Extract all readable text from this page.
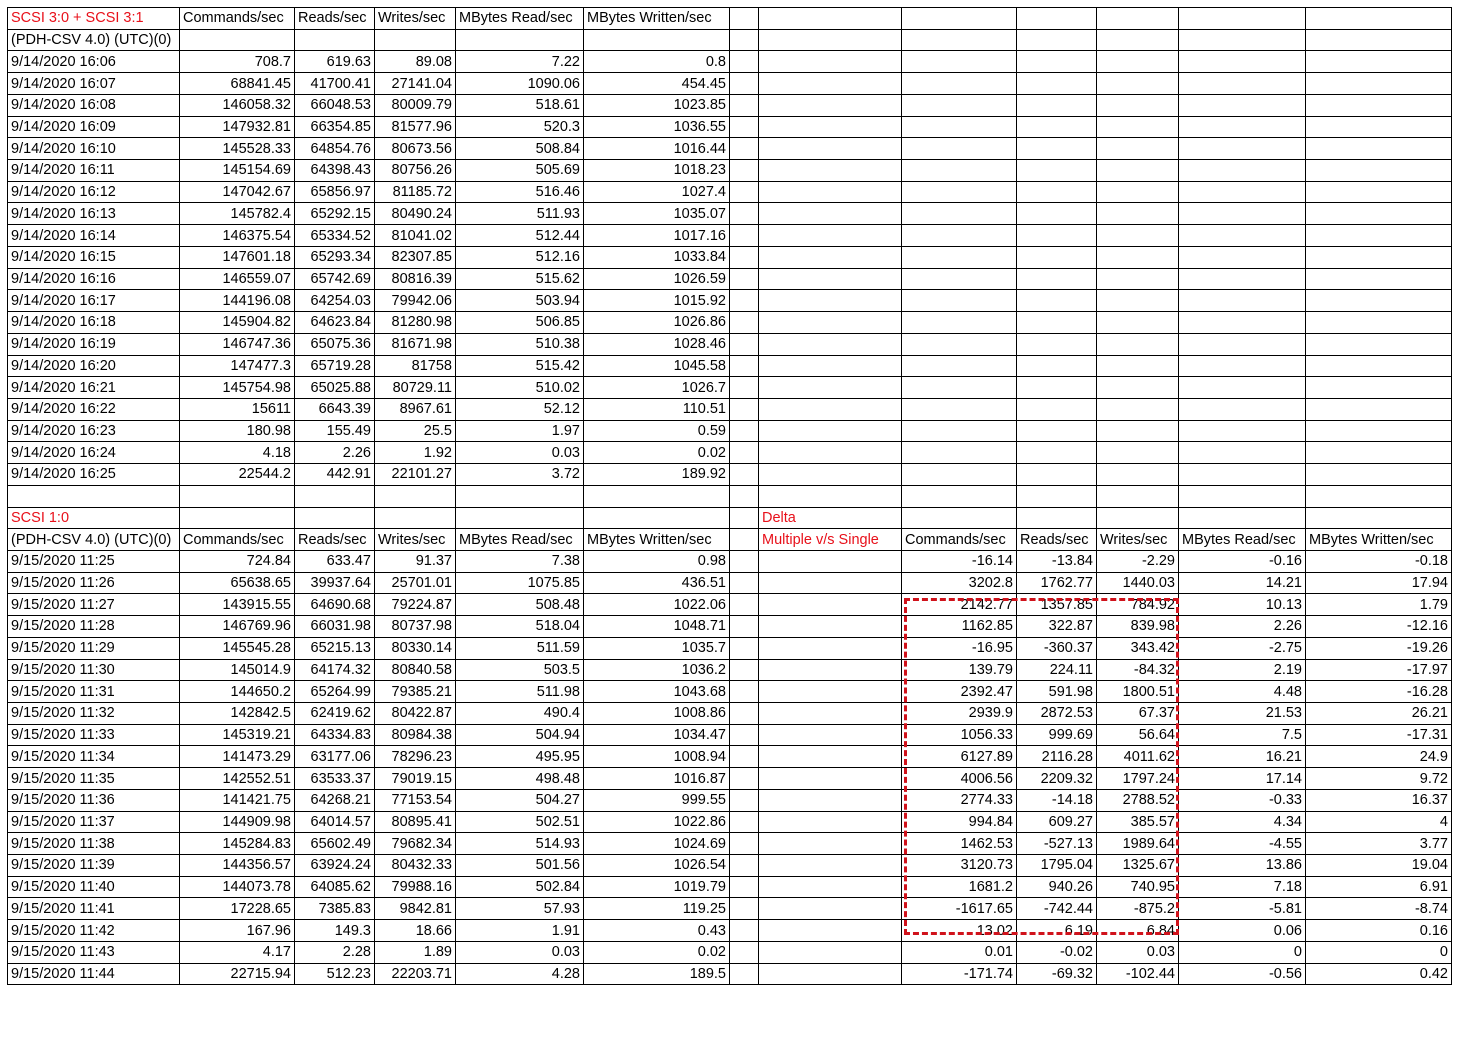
SCSI 3:0 + SCSI 3:1	Commands/sec	Reads/sec	Writes/sec	MBytes Read/sec	MBytes Written/sec							
(PDH-CSV 4.0) (UTC)(0)												
9/14/2020 16:06	708.7	619.63	89.08	7.22	0.8							
9/14/2020 16:07	68841.45	41700.41	27141.04	1090.06	454.45							
9/14/2020 16:08	146058.32	66048.53	80009.79	518.61	1023.85							
9/14/2020 16:09	147932.81	66354.85	81577.96	520.3	1036.55							
9/14/2020 16:10	145528.33	64854.76	80673.56	508.84	1016.44							
9/14/2020 16:11	145154.69	64398.43	80756.26	505.69	1018.23							
9/14/2020 16:12	147042.67	65856.97	81185.72	516.46	1027.4							
9/14/2020 16:13	145782.4	65292.15	80490.24	511.93	1035.07							
9/14/2020 16:14	146375.54	65334.52	81041.02	512.44	1017.16							
9/14/2020 16:15	147601.18	65293.34	82307.85	512.16	1033.84							
9/14/2020 16:16	146559.07	65742.69	80816.39	515.62	1026.59							
9/14/2020 16:17	144196.08	64254.03	79942.06	503.94	1015.92							
9/14/2020 16:18	145904.82	64623.84	81280.98	506.85	1026.86							
9/14/2020 16:19	146747.36	65075.36	81671.98	510.38	1028.46							
9/14/2020 16:20	147477.3	65719.28	81758	515.42	1045.58							
9/14/2020 16:21	145754.98	65025.88	80729.11	510.02	1026.7							
9/14/2020 16:22	15611	6643.39	8967.61	52.12	110.51							
9/14/2020 16:23	180.98	155.49	25.5	1.97	0.59							
9/14/2020 16:24	4.18	2.26	1.92	0.03	0.02							
9/14/2020 16:25	22544.2	442.91	22101.27	3.72	189.92							

SCSI 1:0							Delta					
(PDH-CSV 4.0) (UTC)(0)	Commands/sec	Reads/sec	Writes/sec	MBytes Read/sec	MBytes Written/sec		Multiple v/s Single	Commands/sec	Reads/sec	Writes/sec	MBytes Read/sec	MBytes Written/sec
9/15/2020 11:25	724.84	633.47	91.37	7.38	0.98			-16.14	-13.84	-2.29	-0.16	-0.18
9/15/2020 11:26	65638.65	39937.64	25701.01	1075.85	436.51			3202.8	1762.77	1440.03	14.21	17.94
9/15/2020 11:27	143915.55	64690.68	79224.87	508.48	1022.06			2142.77	1357.85	784.92	10.13	1.79
9/15/2020 11:28	146769.96	66031.98	80737.98	518.04	1048.71			1162.85	322.87	839.98	2.26	-12.16
9/15/2020 11:29	145545.28	65215.13	80330.14	511.59	1035.7			-16.95	-360.37	343.42	-2.75	-19.26
9/15/2020 11:30	145014.9	64174.32	80840.58	503.5	1036.2			139.79	224.11	-84.32	2.19	-17.97
9/15/2020 11:31	144650.2	65264.99	79385.21	511.98	1043.68			2392.47	591.98	1800.51	4.48	-16.28
9/15/2020 11:32	142842.5	62419.62	80422.87	490.4	1008.86			2939.9	2872.53	67.37	21.53	26.21
9/15/2020 11:33	145319.21	64334.83	80984.38	504.94	1034.47			1056.33	999.69	56.64	7.5	-17.31
9/15/2020 11:34	141473.29	63177.06	78296.23	495.95	1008.94			6127.89	2116.28	4011.62	16.21	24.9
9/15/2020 11:35	142552.51	63533.37	79019.15	498.48	1016.87			4006.56	2209.32	1797.24	17.14	9.72
9/15/2020 11:36	141421.75	64268.21	77153.54	504.27	999.55			2774.33	-14.18	2788.52	-0.33	16.37
9/15/2020 11:37	144909.98	64014.57	80895.41	502.51	1022.86			994.84	609.27	385.57	4.34	4
9/15/2020 11:38	145284.83	65602.49	79682.34	514.93	1024.69			1462.53	-527.13	1989.64	-4.55	3.77
9/15/2020 11:39	144356.57	63924.24	80432.33	501.56	1026.54			3120.73	1795.04	1325.67	13.86	19.04
9/15/2020 11:40	144073.78	64085.62	79988.16	502.84	1019.79			1681.2	940.26	740.95	7.18	6.91
9/15/2020 11:41	17228.65	7385.83	9842.81	57.93	119.25			-1617.65	-742.44	-875.2	-5.81	-8.74
9/15/2020 11:42	167.96	149.3	18.66	1.91	0.43			13.02	6.19	6.84	0.06	0.16
9/15/2020 11:43	4.17	2.28	1.89	0.03	0.02			0.01	-0.02	0.03	0	0
9/15/2020 11:44	22715.94	512.23	22203.71	4.28	189.5			-171.74	-69.32	-102.44	-0.56	0.42
